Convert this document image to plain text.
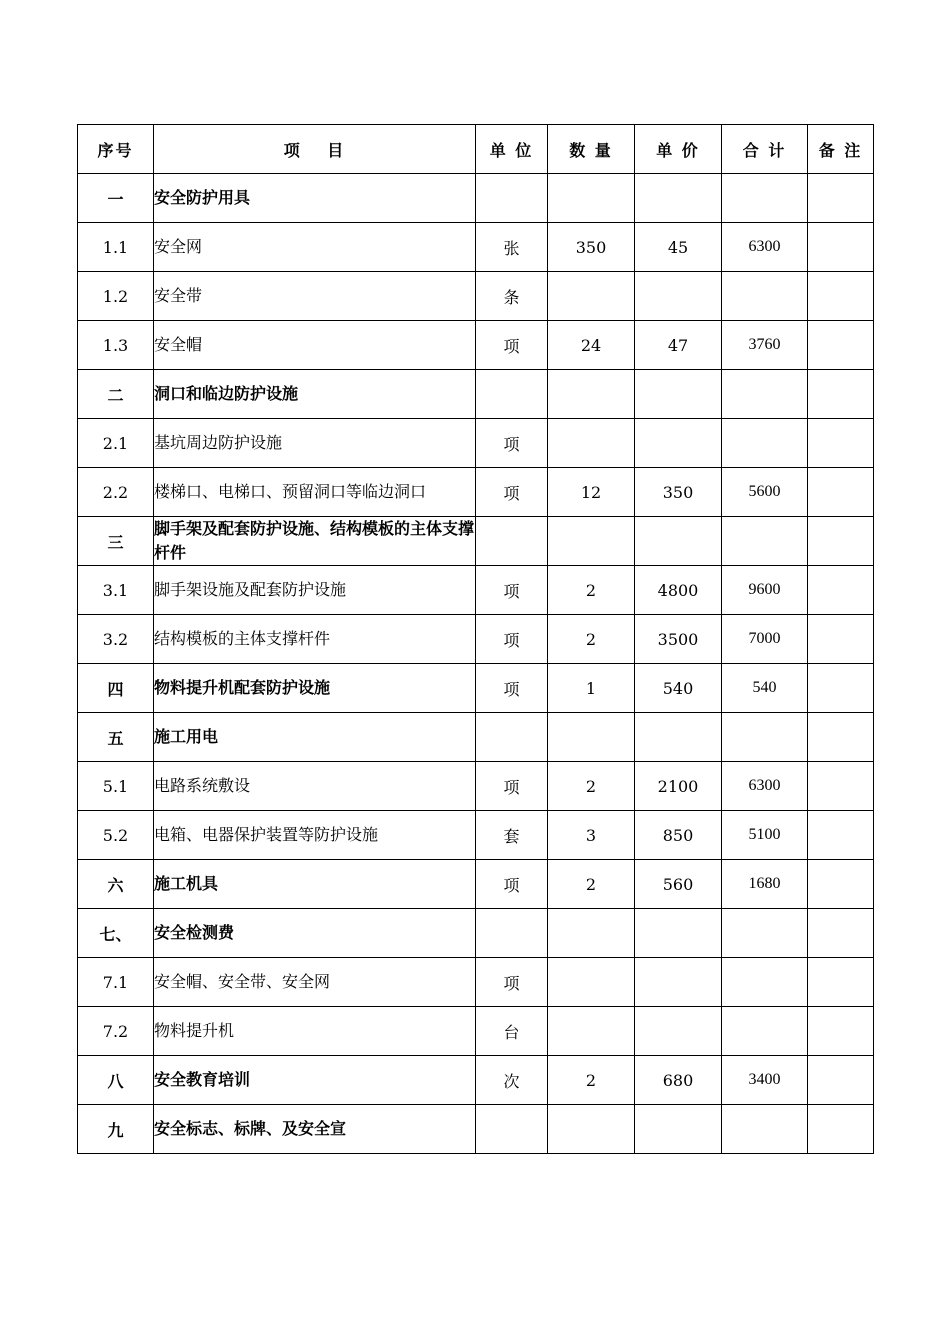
序号	项　 目	单 位	数 量	单 价	合 计	备 注
一	安全防护用具					
1.1	安全网	张	350	45	6300	
1.2	安全带	条				
1.3	安全帽	项	24	47	3760	
二	洞口和临边防护设施					
2.1	基坑周边防护设施	项				
2.2	楼梯口、电梯口、预留洞口等临边洞口	项	12	350	5600	
三	脚手架及配套防护设施、结构模板的主体支撑杆件					
3.1	脚手架设施及配套防护设施	项	2	4800	9600	
3.2	结构模板的主体支撑杆件	项	2	3500	7000	
四	物料提升机配套防护设施	项	1	540	540	
五	施工用电					
5.1	电路系统敷设	项	2	2100	6300	
5.2	电箱、电器保护装置等防护设施	套	3	850	5100	
六	施工机具	项	2	560	1680	
七、	安全检测费					
7.1	安全帽、安全带、安全网	项				
7.2	物料提升机	台				
八	安全教育培训	次	2	680	3400	
九	安全标志、标牌、及安全宣					
